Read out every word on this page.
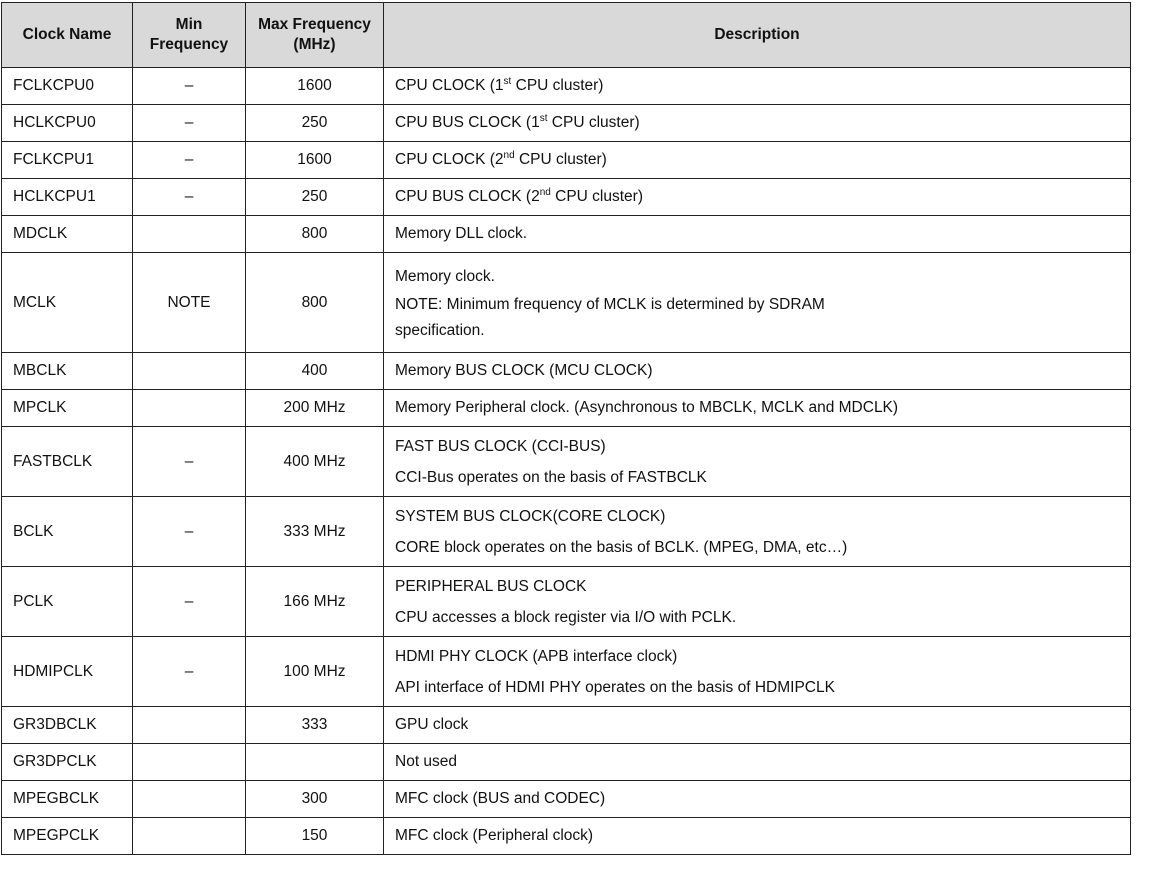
Clock Name	Min Frequency	Max Frequency (MHz)	Description
FCLKCPU0	–	1600	CPU CLOCK (1st CPU cluster)
HCLKCPU0	–	250	CPU BUS CLOCK (1st CPU cluster)
FCLKCPU1	–	1600	CPU CLOCK (2nd CPU cluster)
HCLKCPU1	–	250	CPU BUS CLOCK (2nd CPU cluster)
MDCLK		800	Memory DLL clock.
MCLK	NOTE	800	Memory clock.
NOTE: Minimum frequency of MCLK is determined by SDRAM
specification.

MBCLK		400	Memory BUS CLOCK (MCU CLOCK)
MPCLK		200 MHz	Memory Peripheral clock. (Asynchronous to MBCLK, MCLK and MDCLK)
FASTBCLK	–	400 MHz	FAST BUS CLOCK (CCI-BUS)
CCI-Bus operates on the basis of FASTBCLK

BCLK	–	333 MHz	SYSTEM BUS CLOCK(CORE CLOCK)
CORE block operates on the basis of BCLK. (MPEG, DMA, etc…)

PCLK	–	166 MHz	PERIPHERAL BUS CLOCK
CPU accesses a block register via I/O with PCLK.

HDMIPCLK	–	100 MHz	HDMI PHY CLOCK (APB interface clock)
API interface of HDMI PHY operates on the basis of HDMIPCLK

GR3DBCLK		333	GPU clock
GR3DPCLK			Not used
MPEGBCLK		300	MFC clock (BUS and CODEC)
MPEGPCLK		150	MFC clock (Peripheral clock)
